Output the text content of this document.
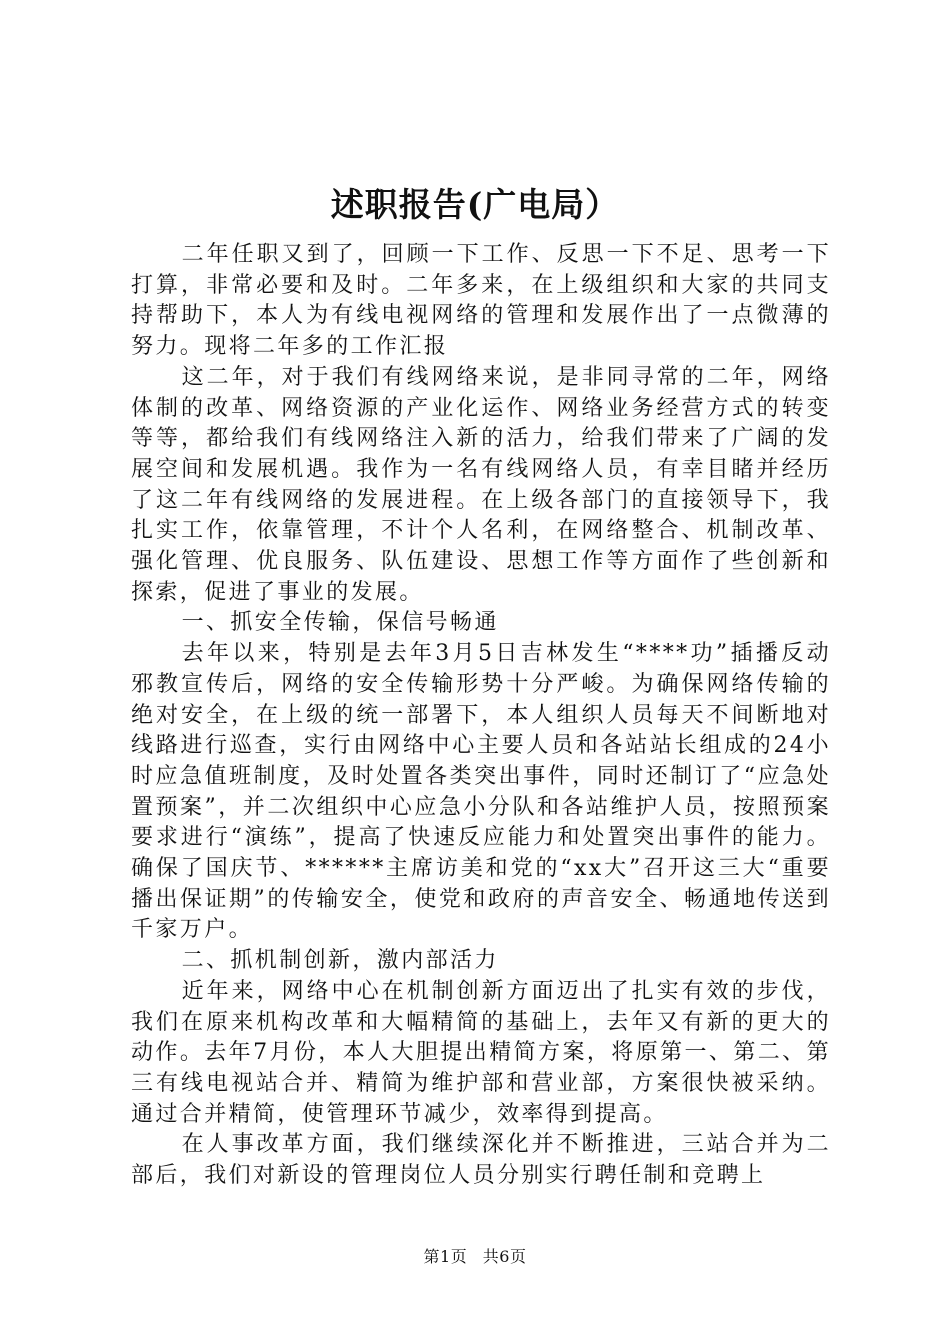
述职报告(广电局）

二年任职又到了，回顾一下工作、反思一下不足、思考一下打算，非常必要和及时。二年多来，在上级组织和大家的共同支持帮助下，本人为有线电视网络的管理和发展作出了一点微薄的努力。现将二年多的工作汇报

这二年，对于我们有线网络来说，是非同寻常的二年，网络体制的改革、网络资源的产业化运作、网络业务经营方式的转变等等，都给我们有线网络注入新的活力，给我们带来了广阔的发展空间和发展机遇。我作为一名有线网络人员，有幸目睹并经历了这二年有线网络的发展进程。在上级各部门的直接领导下，我扎实工作，依靠管理，不计个人名利，在网络整合、机制改革、强化管理、优良服务、队伍建设、思想工作等方面作了些创新和探索，促进了事业的发展。

一、抓安全传输，保信号畅通

去年以来，特别是去年3月5日吉林发生“****功”插播反动邪教宣传后，网络的安全传输形势十分严峻。为确保网络传输的绝对安全，在上级的统一部署下，本人组织人员每天不间断地对线路进行巡查，实行由网络中心主要人员和各站站长组成的24小时应急值班制度，及时处置各类突出事件，同时还制订了“应急处置预案”，并二次组织中心应急小分队和各站维护人员，按照预案要求进行“演练”，提高了快速反应能力和处置突出事件的能力。确保了国庆节、******主席访美和党的“xx大”召开这三大“重要播出保证期”的传输安全，使党和政府的声音安全、畅通地传送到千家万户。

二、抓机制创新，激内部活力

近年来，网络中心在机制创新方面迈出了扎实有效的步伐，我们在原来机构改革和大幅精简的基础上，去年又有新的更大的动作。去年7月份，本人大胆提出精简方案，将原第一、第二、第三有线电视站合并、精简为维护部和营业部，方案很快被采纳。通过合并精简，使管理环节减少，效率得到提高。

在人事改革方面，我们继续深化并不断推进，三站合并为二部后，我们对新设的管理岗位人员分别实行聘任制和竞聘上

第1页 共6页
